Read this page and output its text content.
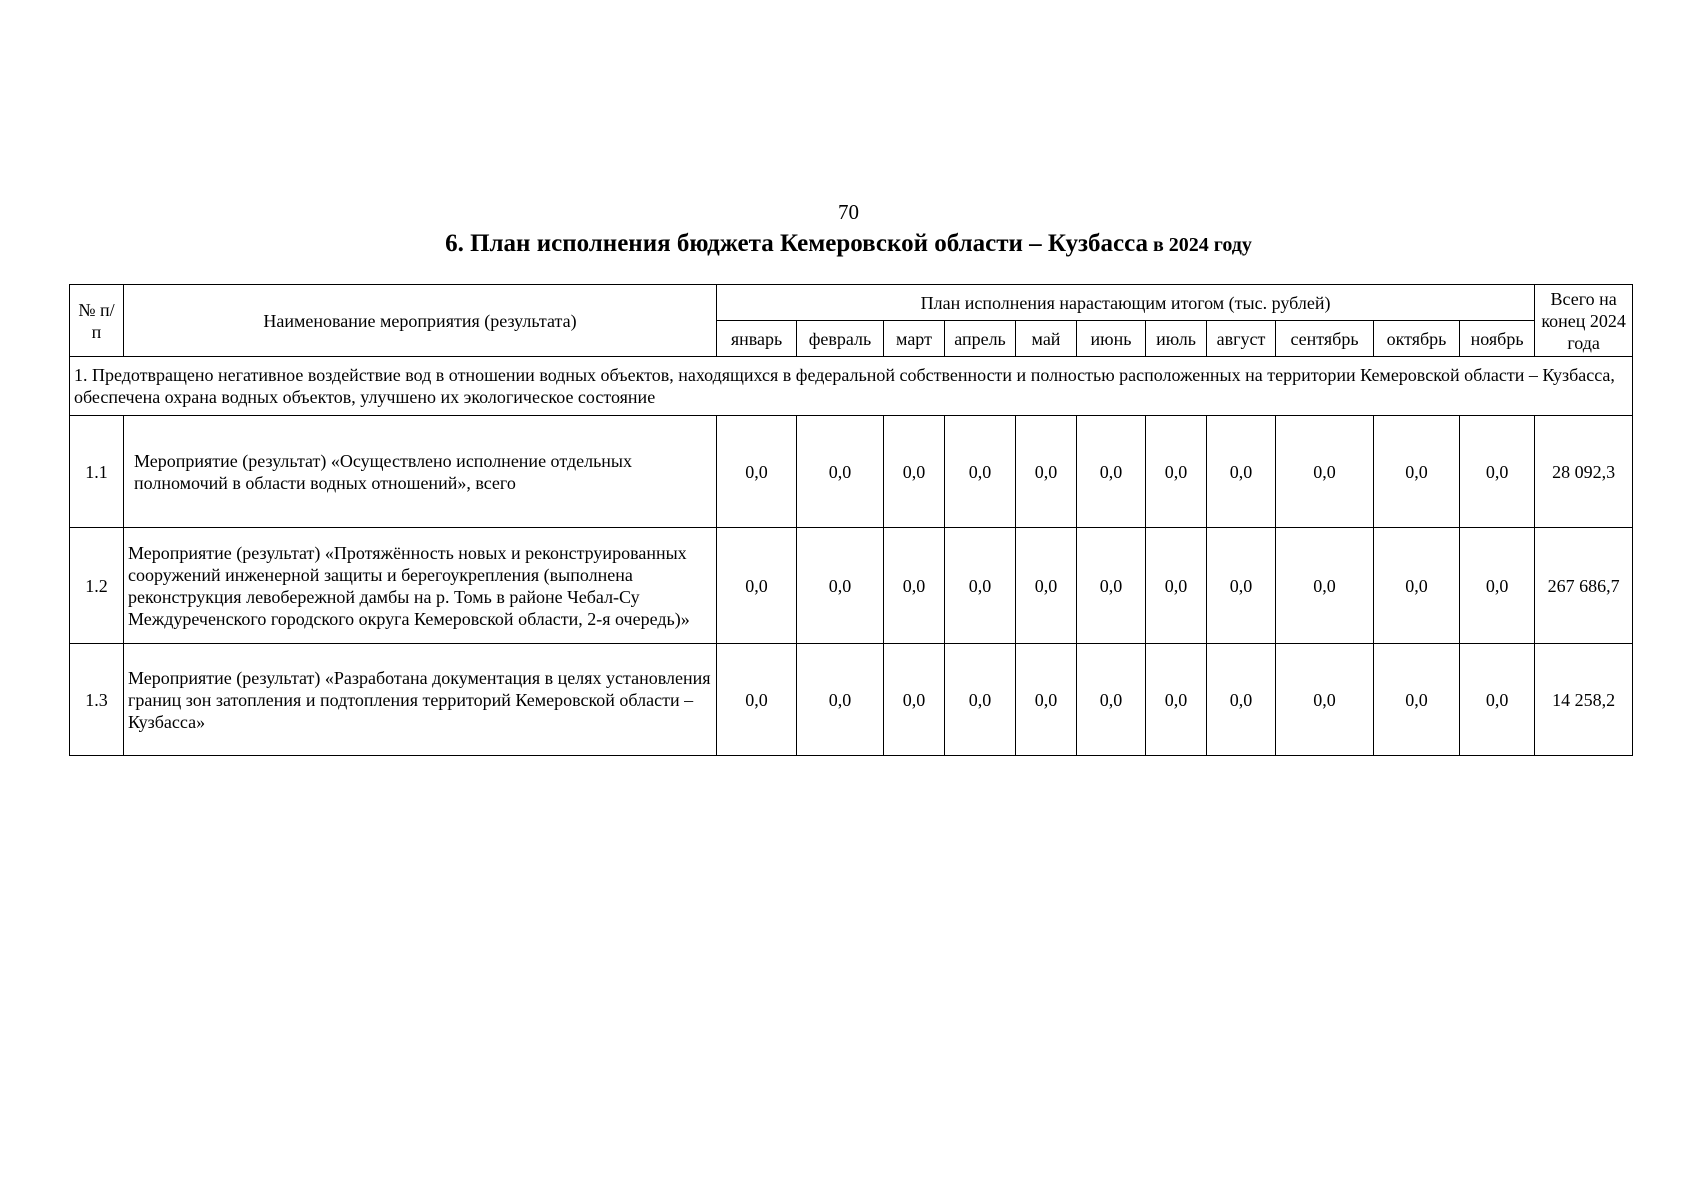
70
6. План исполнения бюджета Кемеровской области – Кузбасса в 2024 году
№ п/п	Наименование мероприятия (результата)	План исполнения нарастающим итогом (тыс. рублей)											Всего на конец 2024 года
		январь	февраль	март	апрель	май	июнь	июль	август	сентябрь	октябрь	ноябрь	
1. Предотвращено негативное воздействие вод в отношении водных объектов, находящихся в федеральной собственности и полностью расположенных на территории Кемеровской области – Кузбасса, обеспечена охрана водных объектов, улучшено их экологическое состояние													
1.1	Мероприятие (результат) «Осуществлено исполнение отдельных полномочий в области водных отношений», всего	0,0	0,0	0,0	0,0	0,0	0,0	0,0	0,0	0,0	0,0	0,0	28 092,3
1.2	Мероприятие (результат) «Протяжённость новых и реконструированных сооружений инженерной защиты и берегоукрепления (выполнена реконструкция левобережной дамбы на р. Томь в районе Чебал-Су Междуреченского городского округа Кемеровской области, 2-я очередь)»	0,0	0,0	0,0	0,0	0,0	0,0	0,0	0,0	0,0	0,0	0,0	267 686,7
1.3	Мероприятие (результат) «Разработана документация в целях установления границ зон затопления и подтопления территорий Кемеровской области – Кузбасса»	0,0	0,0	0,0	0,0	0,0	0,0	0,0	0,0	0,0	0,0	0,0	14 258,2
